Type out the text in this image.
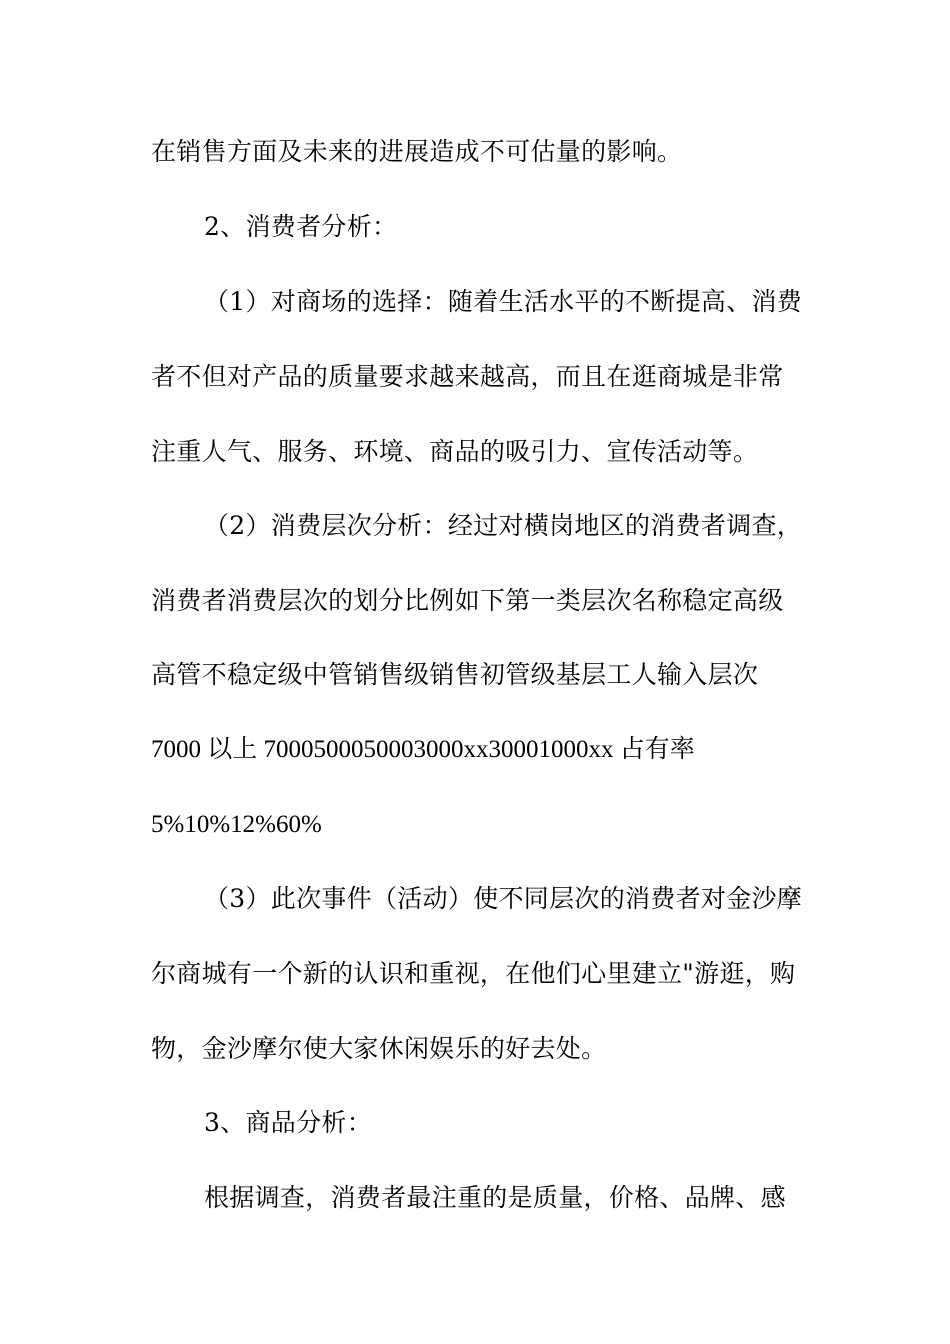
在销售方面及未来的进展造成不可估量的影响。
2、消费者分析：
（1）对商场的选择：随着生活水平的不断提高、消费
者不但对产品的质量要求越来越高，而且在逛商城是非常
注重人气、服务、环境、商品的吸引力、宣传活动等。
（2）消费层次分析：经过对横岗地区的消费者调查，
消费者消费层次的划分比例如下第一类层次名称稳定高级
高管不稳定级中管销售级销售初管级基层工人输入层次
7000 以上 7000500050003000xx30001000xx 占有率
5%10%12%60%
（3）此次事件（活动）使不同层次的消费者对金沙摩
尔商城有一个新的认识和重视，在他们心里建立"游逛，购
物，金沙摩尔使大家休闲娱乐的好去处。
3、商品分析：
根据调查，消费者最注重的是质量，价格、品牌、感
